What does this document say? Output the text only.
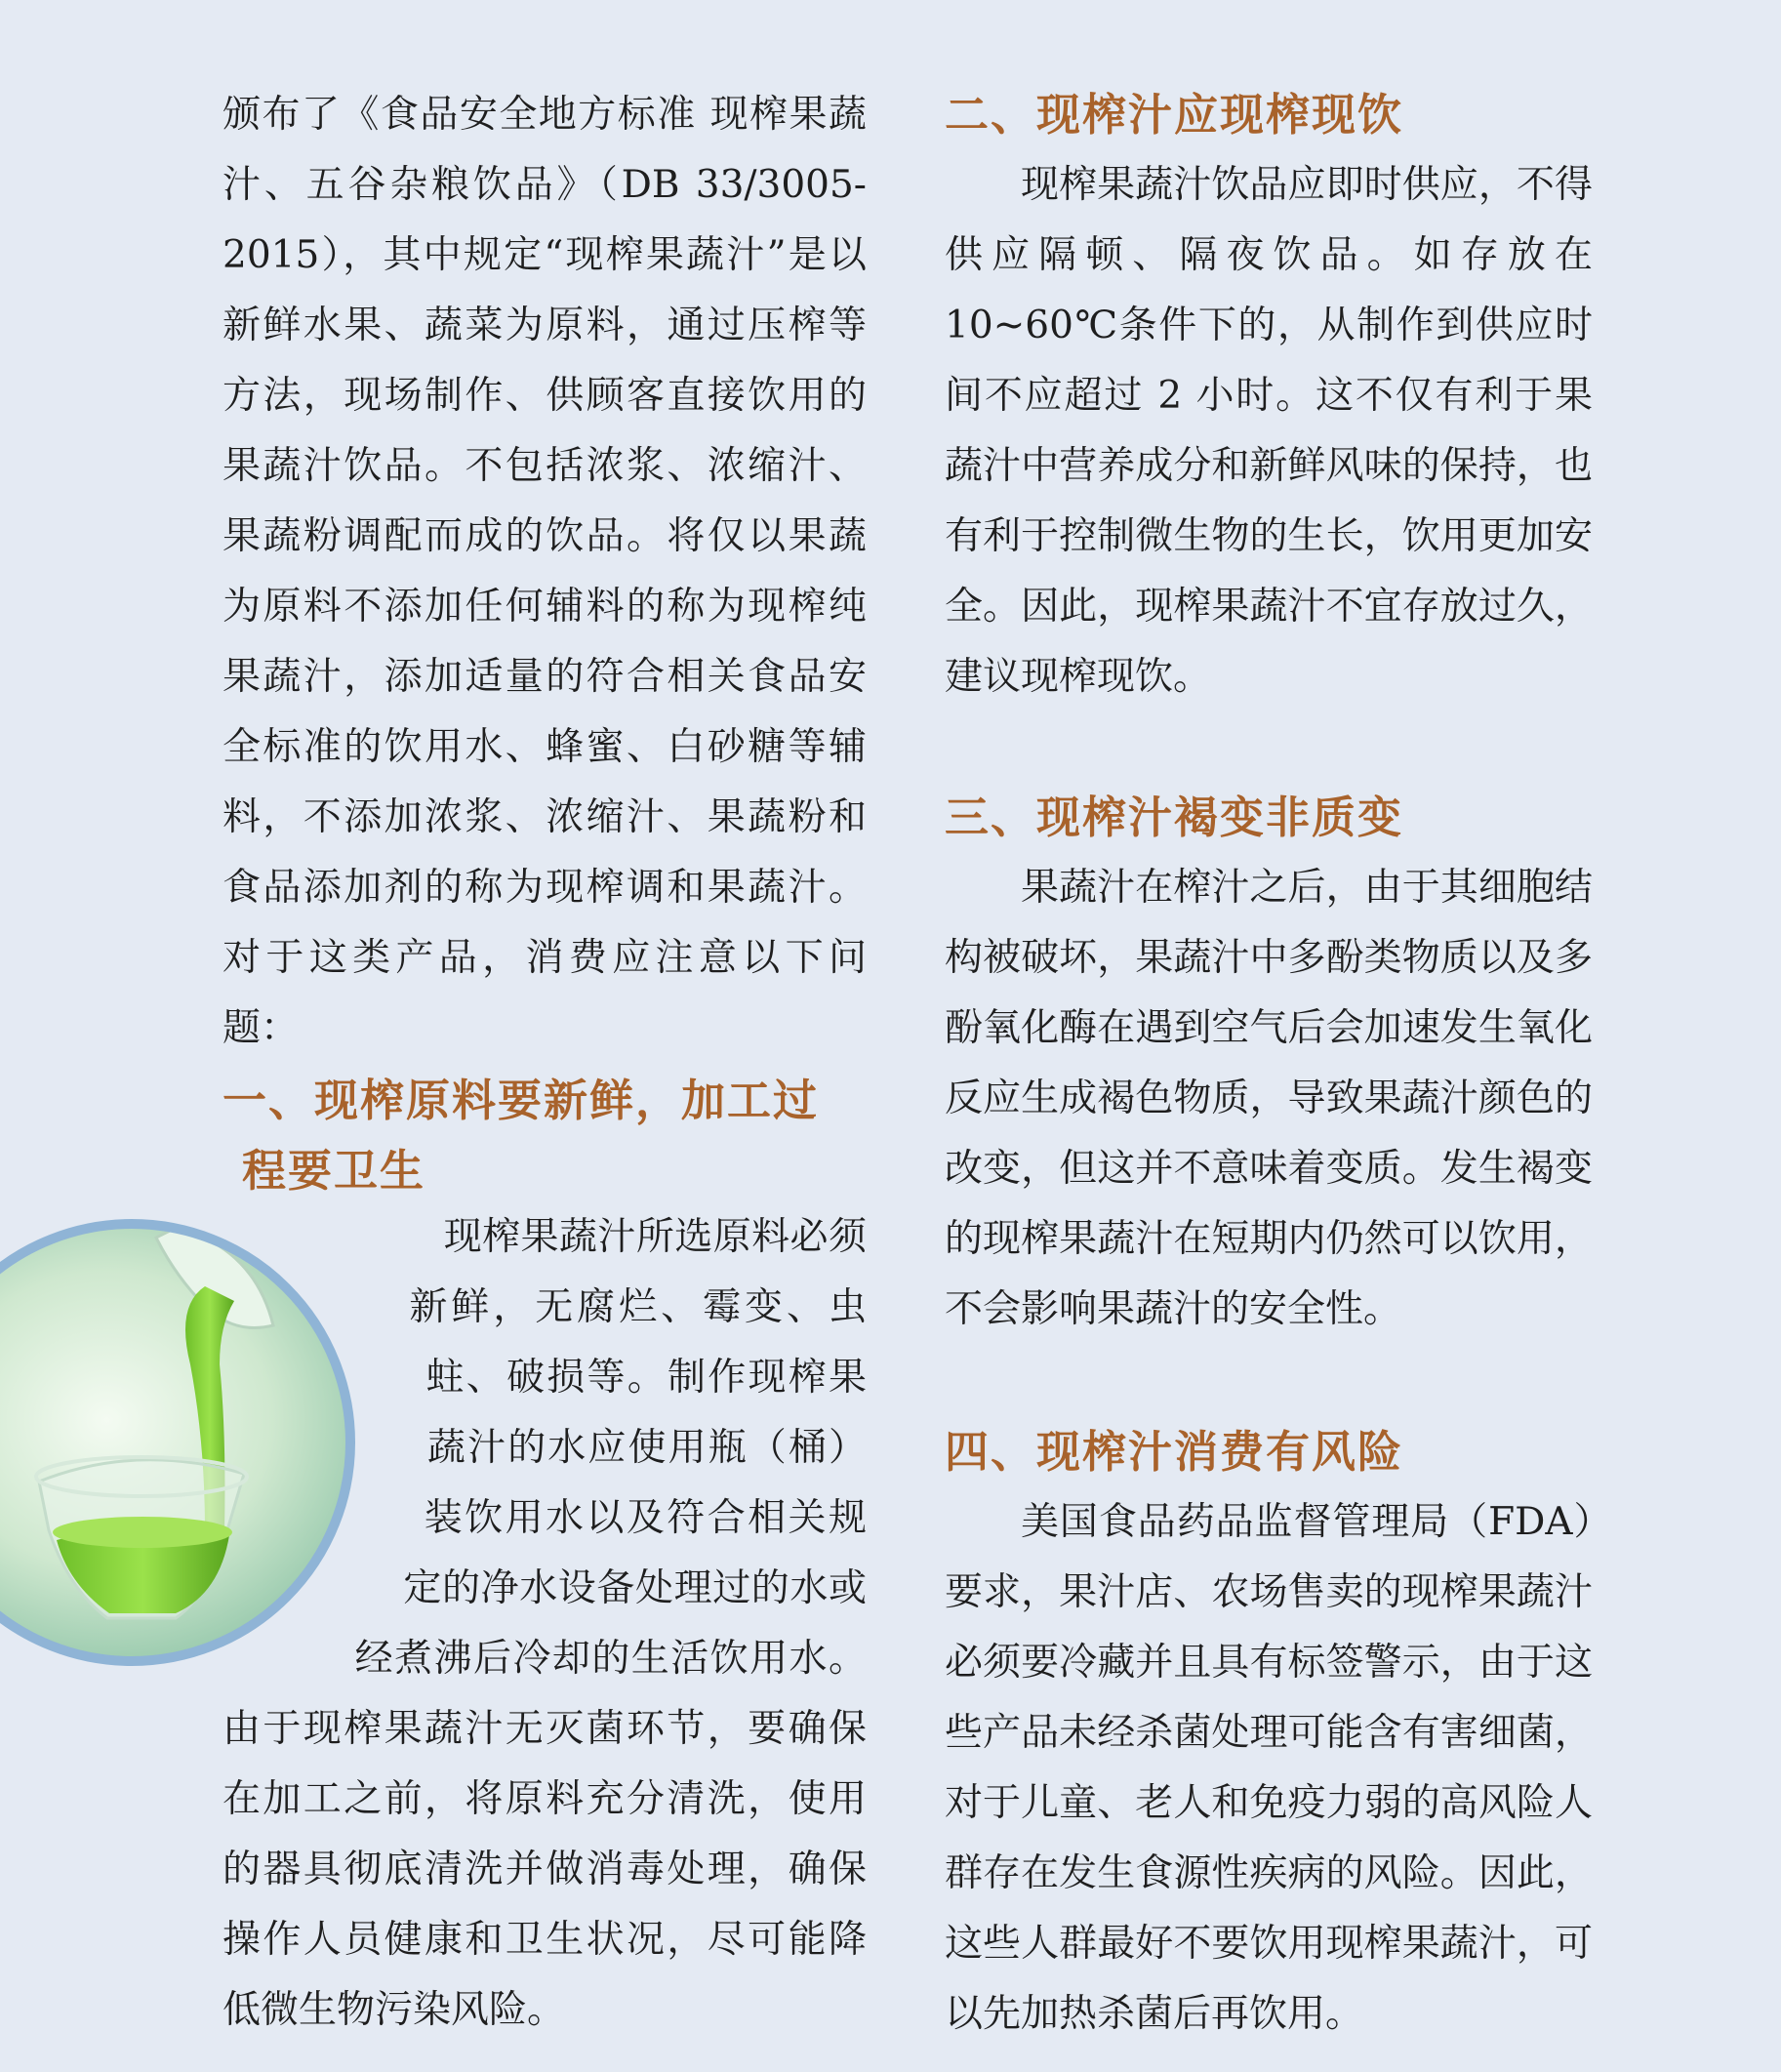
颁布了《食品安全地方标准 现榨果蔬汁、五谷杂粮饮品》（DB 33/3005-2015），其中规定“现榨果蔬汁”是以新鲜水果、蔬菜为原料，通过压榨等方法，现场制作、供顾客直接饮用的果蔬汁饮品。不包括浓浆、浓缩汁、果蔬粉调配而成的饮品。将仅以果蔬为原料不添加任何辅料的称为现榨纯果蔬汁，添加适量的符合相关食品安全标准的饮用水、蜂蜜、白砂糖等辅料，不添加浓浆、浓缩汁、果蔬粉和食品添加剂的称为现榨调和果蔬汁。对于这类产品，消费应注意以下问题：

一、现榨原料要新鲜，加工过
程要卫生

现榨果蔬汁所选原料必须新鲜，无腐烂、霉变、虫蛀、破损等。制作现榨果蔬汁的水应使用瓶（桶）装饮用水以及符合相关规定的净水设备处理过的水或经煮沸后冷却的生活饮用水。由于现榨果蔬汁无灭菌环节，要确保在加工之前，将原料充分清洗，使用的器具彻底清洗并做消毒处理，确保操作人员健康和卫生状况，尽可能降低微生物污染风险。

二、现榨汁应现榨现饮

现榨果蔬汁饮品应即时供应，不得供应隔顿、隔夜饮品。如存放在10~60℃条件下的，从制作到供应时间不应超过 2 小时。这不仅有利于果蔬汁中营养成分和新鲜风味的保持，也有利于控制微生物的生长，饮用更加安全。因此，现榨果蔬汁不宜存放过久，建议现榨现饮。

三、现榨汁褐变非质变

果蔬汁在榨汁之后，由于其细胞结构被破坏，果蔬汁中多酚类物质以及多酚氧化酶在遇到空气后会加速发生氧化反应生成褐色物质，导致果蔬汁颜色的改变，但这并不意味着变质。发生褐变的现榨果蔬汁在短期内仍然可以饮用，不会影响果蔬汁的安全性。

四、现榨汁消费有风险

美国食品药品监督管理局（FDA）要求，果汁店、农场售卖的现榨果蔬汁必须要冷藏并且具有标签警示，由于这些产品未经杀菌处理可能含有害细菌，对于儿童、老人和免疫力弱的高风险人群存在发生食源性疾病的风险。因此，这些人群最好不要饮用现榨果蔬汁，可以先加热杀菌后再饮用。
